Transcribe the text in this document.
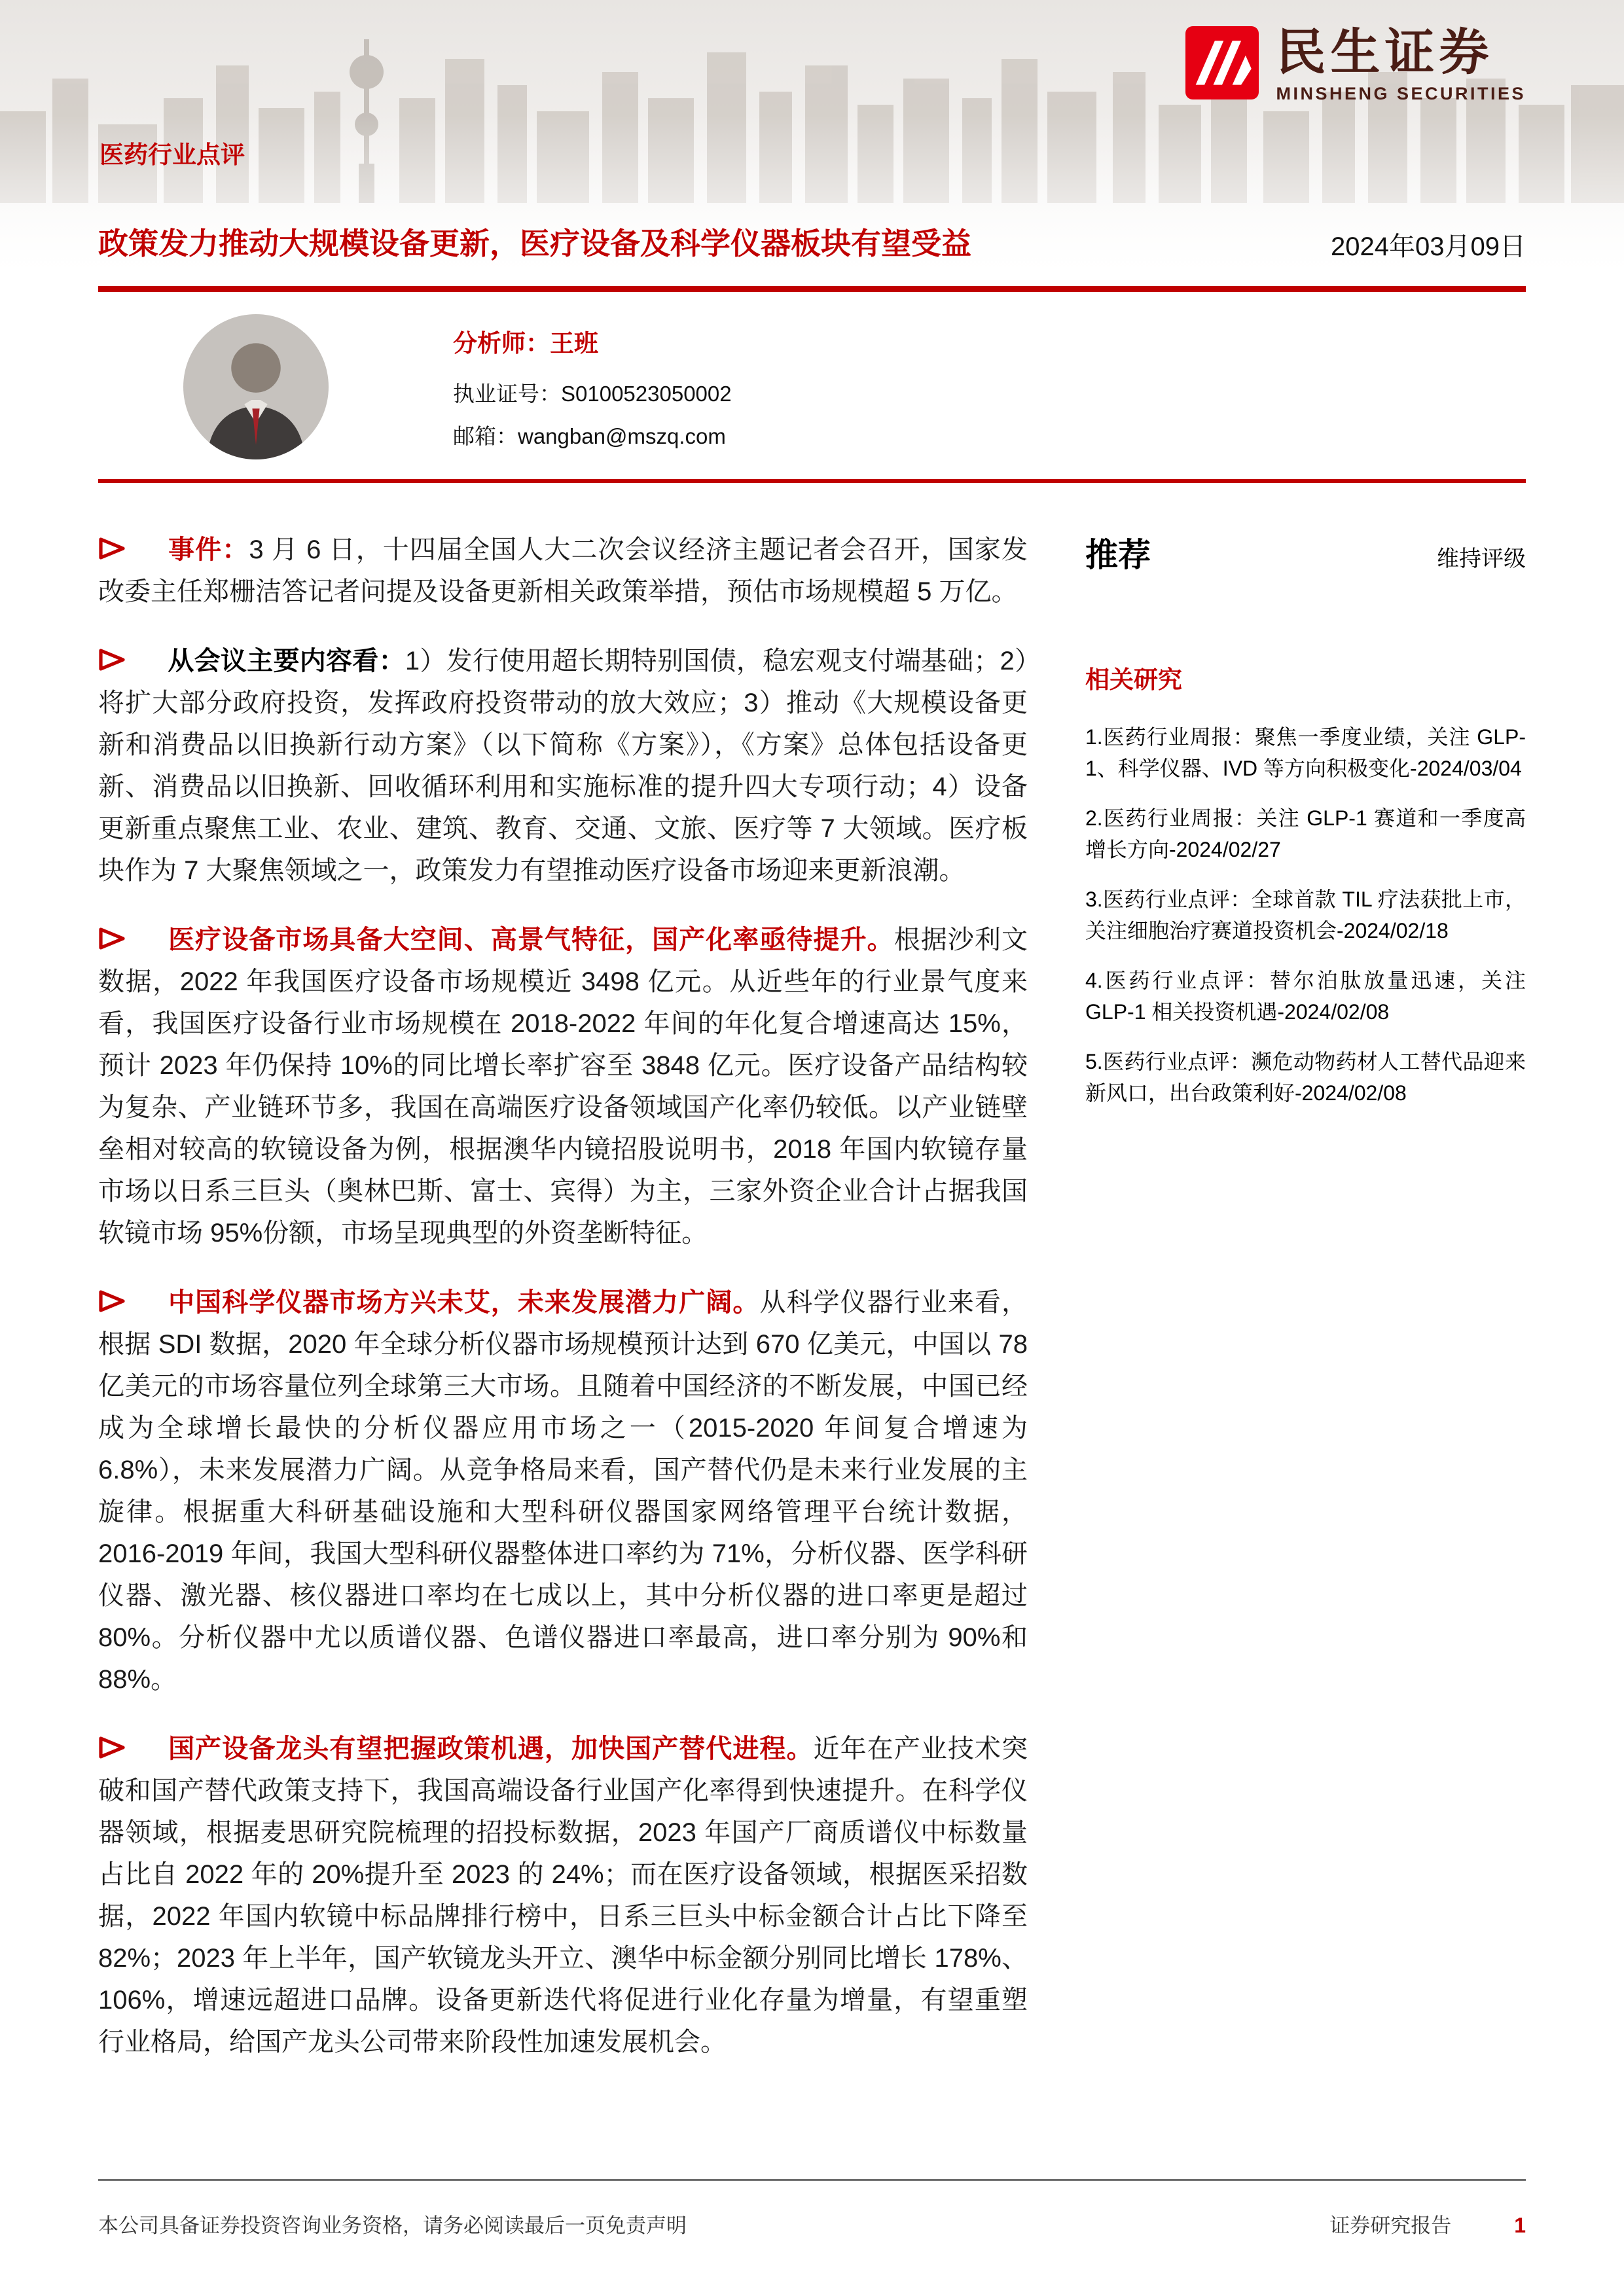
民生证券
MINSHENG SECURITIES
医药行业点评
政策发力推动大规模设备更新，医疗设备及科学仪器板块有望受益	2024年03月09日
分析师：王班
执业证号：S0100523050002
邮箱：wangban@mszq.com
事件：3 月 6 日，十四届全国人大二次会议经济主题记者会召开，国家发改委主任郑栅洁答记者问提及设备更新相关政策举措，预估市场规模超 5 万亿。
从会议主要内容看：1）发行使用超长期特别国债，稳宏观支付端基础；2）将扩大部分政府投资，发挥政府投资带动的放大效应；3）推动《大规模设备更新和消费品以旧换新行动方案》（以下简称《方案》），《方案》总体包括设备更新、消费品以旧换新、回收循环利用和实施标准的提升四大专项行动；4）设备更新重点聚焦工业、农业、建筑、教育、交通、文旅、医疗等 7 大领域。医疗板块作为 7 大聚焦领域之一，政策发力有望推动医疗设备市场迎来更新浪潮。
医疗设备市场具备大空间、高景气特征，国产化率亟待提升。根据沙利文数据，2022 年我国医疗设备市场规模近 3498 亿元。从近些年的行业景气度来看，我国医疗设备行业市场规模在 2018-2022 年间的年化复合增速高达 15%，预计 2023 年仍保持 10%的同比增长率扩容至 3848 亿元。医疗设备产品结构较为复杂、产业链环节多，我国在高端医疗设备领域国产化率仍较低。以产业链壁垒相对较高的软镜设备为例，根据澳华内镜招股说明书，2018 年国内软镜存量市场以日系三巨头（奥林巴斯、富士、宾得）为主，三家外资企业合计占据我国软镜市场 95%份额，市场呈现典型的外资垄断特征。
中国科学仪器市场方兴未艾，未来发展潜力广阔。从科学仪器行业来看，根据 SDI 数据，2020 年全球分析仪器市场规模预计达到 670 亿美元，中国以 78 亿美元的市场容量位列全球第三大市场。且随着中国经济的不断发展，中国已经成为全球增长最快的分析仪器应用市场之一（2015-2020 年间复合增速为 6.8%），未来发展潜力广阔。从竞争格局来看，国产替代仍是未来行业发展的主旋律。根据重大科研基础设施和大型科研仪器国家网络管理平台统计数据，2016-2019 年间，我国大型科研仪器整体进口率约为 71%，分析仪器、医学科研仪器、激光器、核仪器进口率均在七成以上，其中分析仪器的进口率更是超过 80%。分析仪器中尤以质谱仪器、色谱仪器进口率最高，进口率分别为 90%和 88%。
国产设备龙头有望把握政策机遇，加快国产替代进程。近年在产业技术突破和国产替代政策支持下，我国高端设备行业国产化率得到快速提升。在科学仪器领域，根据麦思研究院梳理的招投标数据，2023 年国产厂商质谱仪中标数量占比自 2022 年的 20%提升至 2023 的 24%；而在医疗设备领域，根据医采招数据，2022 年国内软镜中标品牌排行榜中，日系三巨头中标金额合计占比下降至 82%；2023 年上半年，国产软镜龙头开立、澳华中标金额分别同比增长 178%、106%，增速远超进口品牌。设备更新迭代将促进行业化存量为增量，有望重塑行业格局，给国产龙头公司带来阶段性加速发展机会。
推荐	维持评级
相关研究
1.医药行业周报：聚焦一季度业绩，关注 GLP-1、科学仪器、IVD 等方向积极变化-2024/03/04
2.医药行业周报：关注 GLP-1 赛道和一季度高增长方向-2024/02/27
3.医药行业点评：全球首款 TIL 疗法获批上市，关注细胞治疗赛道投资机会-2024/02/18
4.医药行业点评：替尔泊肽放量迅速，关注 GLP-1 相关投资机遇-2024/02/08
5.医药行业点评：濒危动物药材人工替代品迎来新风口，出台政策利好-2024/02/08
本公司具备证券投资咨询业务资格，请务必阅读最后一页免责声明	证券研究报告	1
